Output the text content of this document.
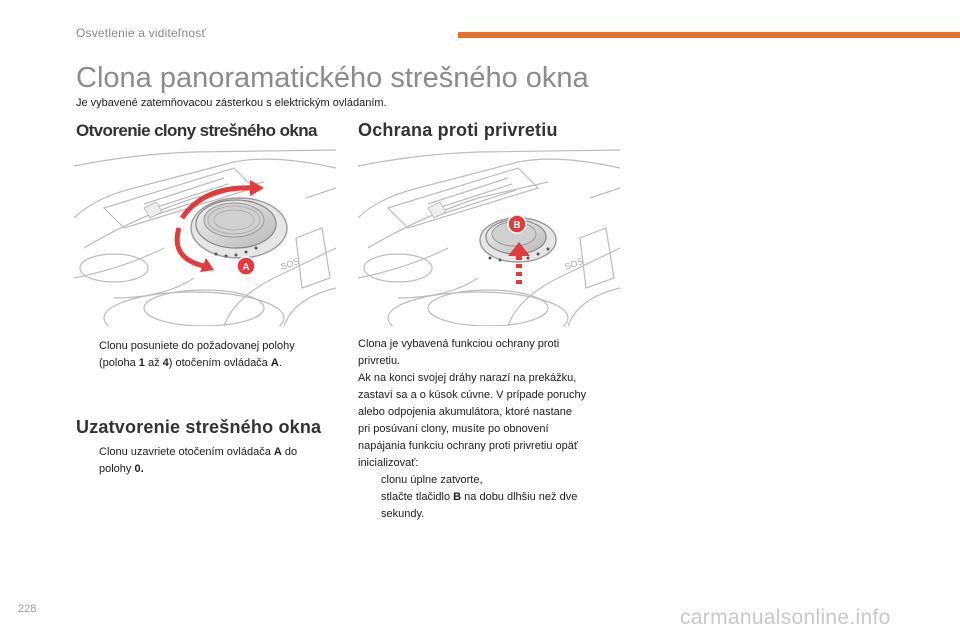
Osvetlenie a viditeľnosť
Clona panoramatického strešného okna
Je vybavené zatemňovacou zásterkou s elektrickým ovládaním.
Otvorenie clony strešného okna Ochrana proti privretiu
SOS
A	SOS
B
Clonu posuniete do požadovanej polohy
(poloha 1 až 4) otočením ovládača A.
Uzatvorenie strešného okna
Clonu uzavriete otočením ovládača A do
polohy 0.
Clona je vybavená funkciou ochrany proti
privretiu.
Ak na konci svojej dráhy narazí na prekážku,
zastaví sa a o kúsok cúvne. V prípade poruchy
alebo odpojenia akumulátora, ktoré nastane
pri posúvaní clony, musíte po obnovení
napájania funkciu ochrany proti privretiu opäť
inicializovať:
clonu úplne zatvorte,
stlačte tlačidlo B na dobu dlhšiu než dve
sekundy.
228	carmanualsonline.info
